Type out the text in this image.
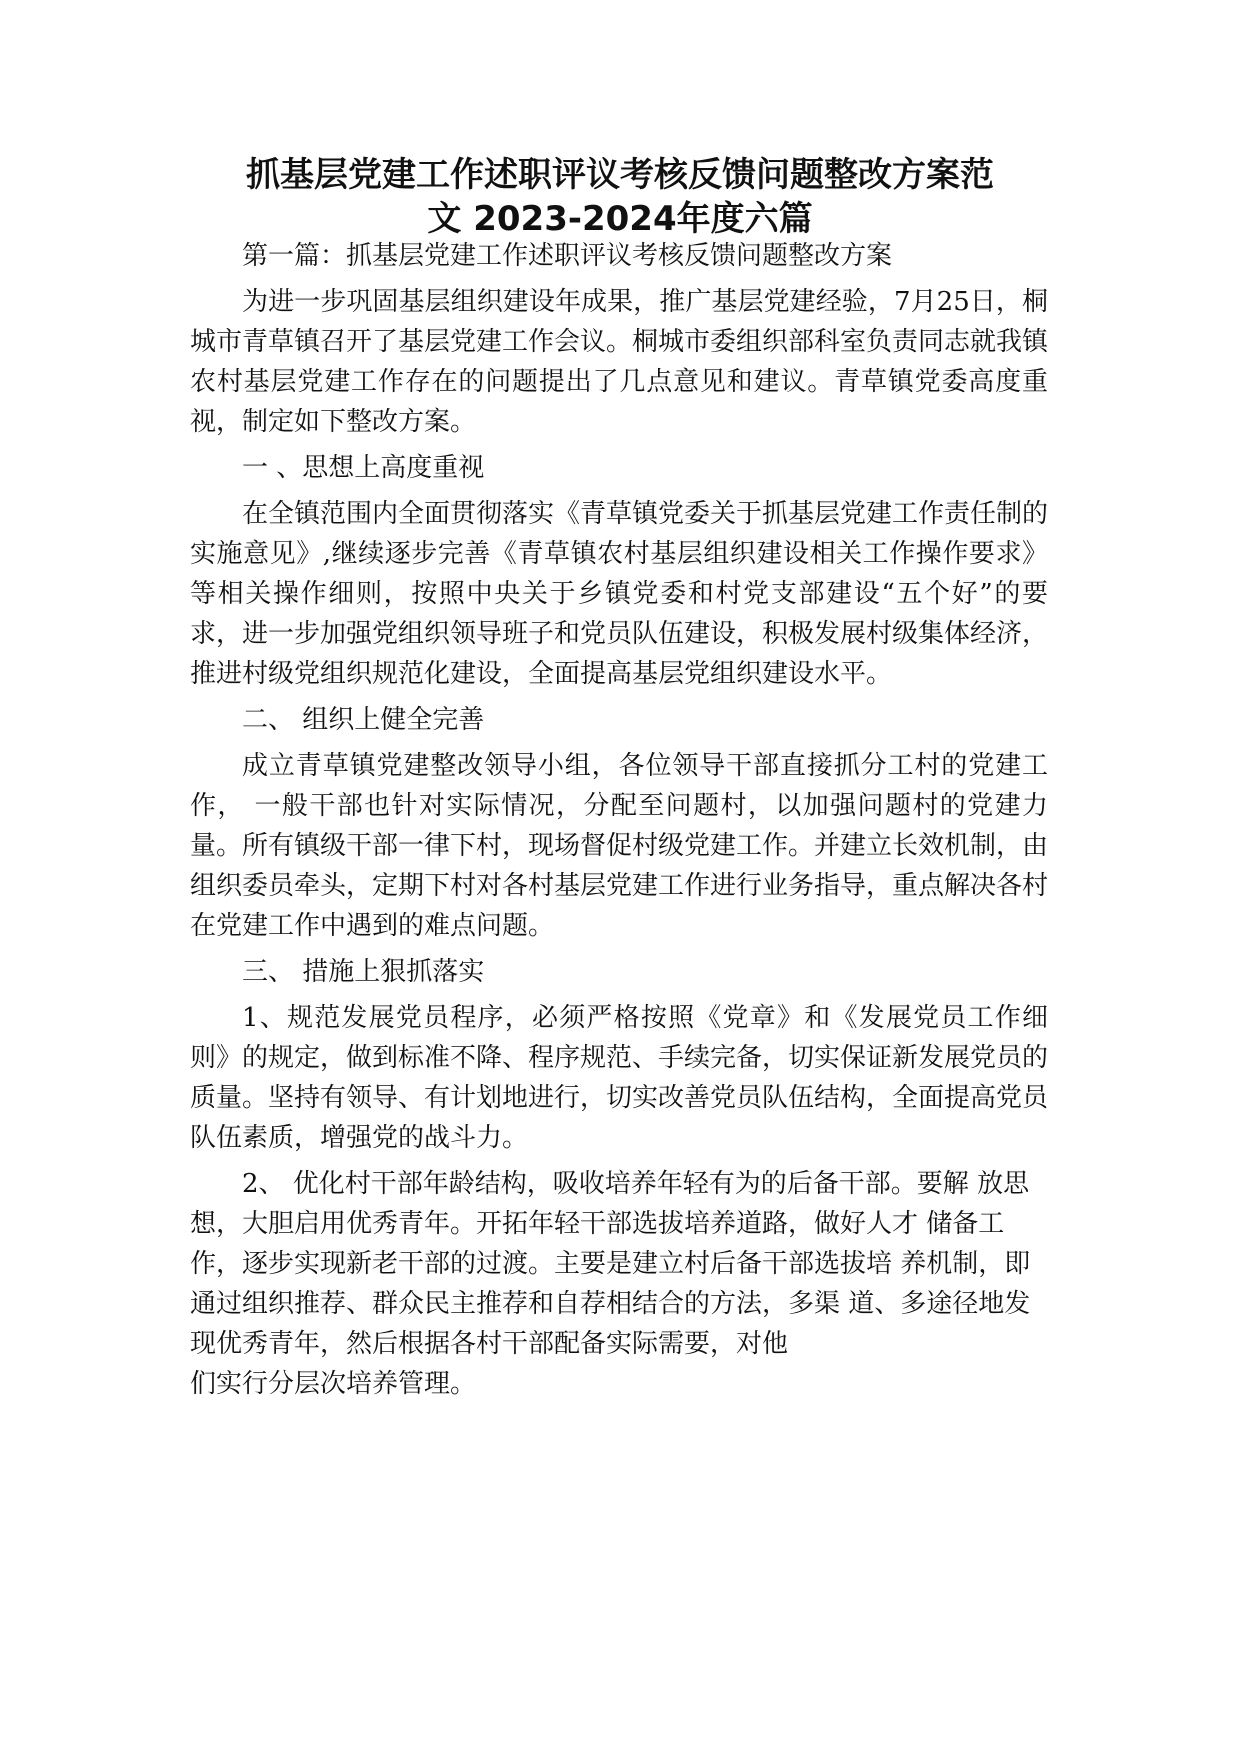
抓基层党建工作述职评议考核反馈问题整改方案范
文 2023-2024年度六篇

第一篇：抓基层党建工作述职评议考核反馈问题整改方案

为进一步巩固基层组织建设年成果，推广基层党建经验，7月25日，桐城市青草镇召开了基层党建工作会议。桐城市委组织部科室负责同志就我镇农村基层党建工作存在的问题提出了几点意见和建议。青草镇党委高度重视，制定如下整改方案。

一 、思想上高度重视

在全镇范围内全面贯彻落实《青草镇党委关于抓基层党建工作责任制的实施意见》,继续逐步完善《青草镇农村基层组织建设相关工作操作要求》等相关操作细则，按照中央关于乡镇党委和村党支部建设“五个好”的要求，进一步加强党组织领导班子和党员队伍建设，积极发展村级集体经济，推进村级党组织规范化建设，全面提高基层党组织建设水平。

二、 组织上健全完善

成立青草镇党建整改领导小组，各位领导干部直接抓分工村的党建工作， 一般干部也针对实际情况，分配至问题村，以加强问题村的党建力量。所有镇级干部一律下村，现场督促村级党建工作。并建立长效机制，由组织委员牵头，定期下村对各村基层党建工作进行业务指导，重点解决各村在党建工作中遇到的难点问题。

三、 措施上狠抓落实

1、规范发展党员程序，必须严格按照《党章》和《发展党员工作细则》的规定，做到标准不降、程序规范、手续完备，切实保证新发展党员的质量。坚持有领导、有计划地进行，切实改善党员队伍结构，全面提高党员队伍素质，增强党的战斗力。

2、 优化村干部年龄结构，吸收培养年轻有为的后备干部。要解 放思想，大胆启用优秀青年。开拓年轻干部选拔培养道路，做好人才 储备工作，逐步实现新老干部的过渡。主要是建立村后备干部选拔培 养机制，即通过组织推荐、群众民主推荐和自荐相结合的方法，多渠 道、多途径地发现优秀青年，然后根据各村干部配备实际需要，对他

们实行分层次培养管理。
